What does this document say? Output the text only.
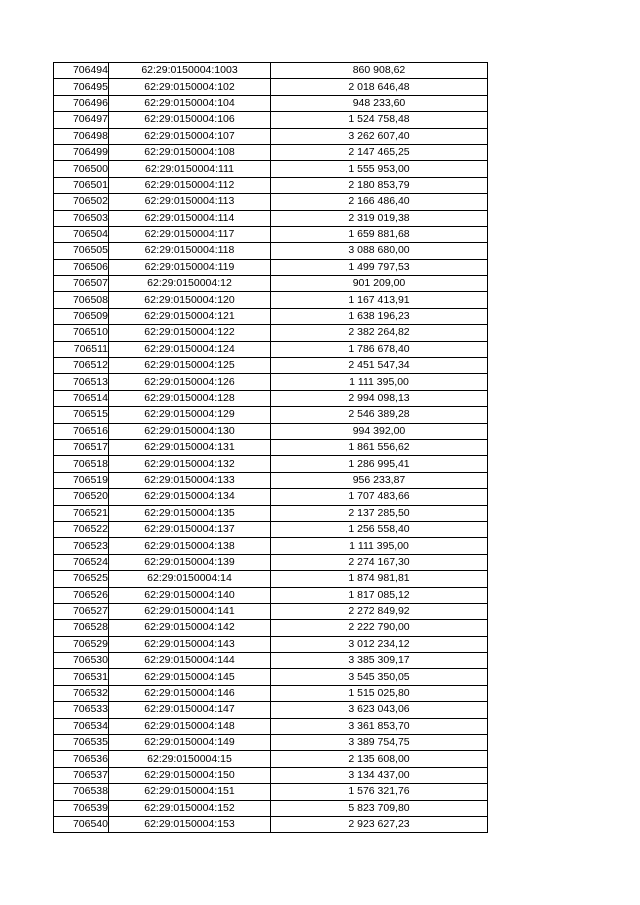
706494	62:29:0150004:1003	860 908,62
706495	62:29:0150004:102	2 018 646,48
706496	62:29:0150004:104	948 233,60
706497	62:29:0150004:106	1 524 758,48
706498	62:29:0150004:107	3 262 607,40
706499	62:29:0150004:108	2 147 465,25
706500	62:29:0150004:111	1 555 953,00
706501	62:29:0150004:112	2 180 853,79
706502	62:29:0150004:113	2 166 486,40
706503	62:29:0150004:114	2 319 019,38
706504	62:29:0150004:117	1 659 881,68
706505	62:29:0150004:118	3 088 680,00
706506	62:29:0150004:119	1 499 797,53
706507	62:29:0150004:12	901 209,00
706508	62:29:0150004:120	1 167 413,91
706509	62:29:0150004:121	1 638 196,23
706510	62:29:0150004:122	2 382 264,82
706511	62:29:0150004:124	1 786 678,40
706512	62:29:0150004:125	2 451 547,34
706513	62:29:0150004:126	1 111 395,00
706514	62:29:0150004:128	2 994 098,13
706515	62:29:0150004:129	2 546 389,28
706516	62:29:0150004:130	994 392,00
706517	62:29:0150004:131	1 861 556,62
706518	62:29:0150004:132	1 286 995,41
706519	62:29:0150004:133	956 233,87
706520	62:29:0150004:134	1 707 483,66
706521	62:29:0150004:135	2 137 285,50
706522	62:29:0150004:137	1 256 558,40
706523	62:29:0150004:138	1 111 395,00
706524	62:29:0150004:139	2 274 167,30
706525	62:29:0150004:14	1 874 981,81
706526	62:29:0150004:140	1 817 085,12
706527	62:29:0150004:141	2 272 849,92
706528	62:29:0150004:142	2 222 790,00
706529	62:29:0150004:143	3 012 234,12
706530	62:29:0150004:144	3 385 309,17
706531	62:29:0150004:145	3 545 350,05
706532	62:29:0150004:146	1 515 025,80
706533	62:29:0150004:147	3 623 043,06
706534	62:29:0150004:148	3 361 853,70
706535	62:29:0150004:149	3 389 754,75
706536	62:29:0150004:15	2 135 608,00
706537	62:29:0150004:150	3 134 437,00
706538	62:29:0150004:151	1 576 321,76
706539	62:29:0150004:152	5 823 709,80
706540	62:29:0150004:153	2 923 627,23
